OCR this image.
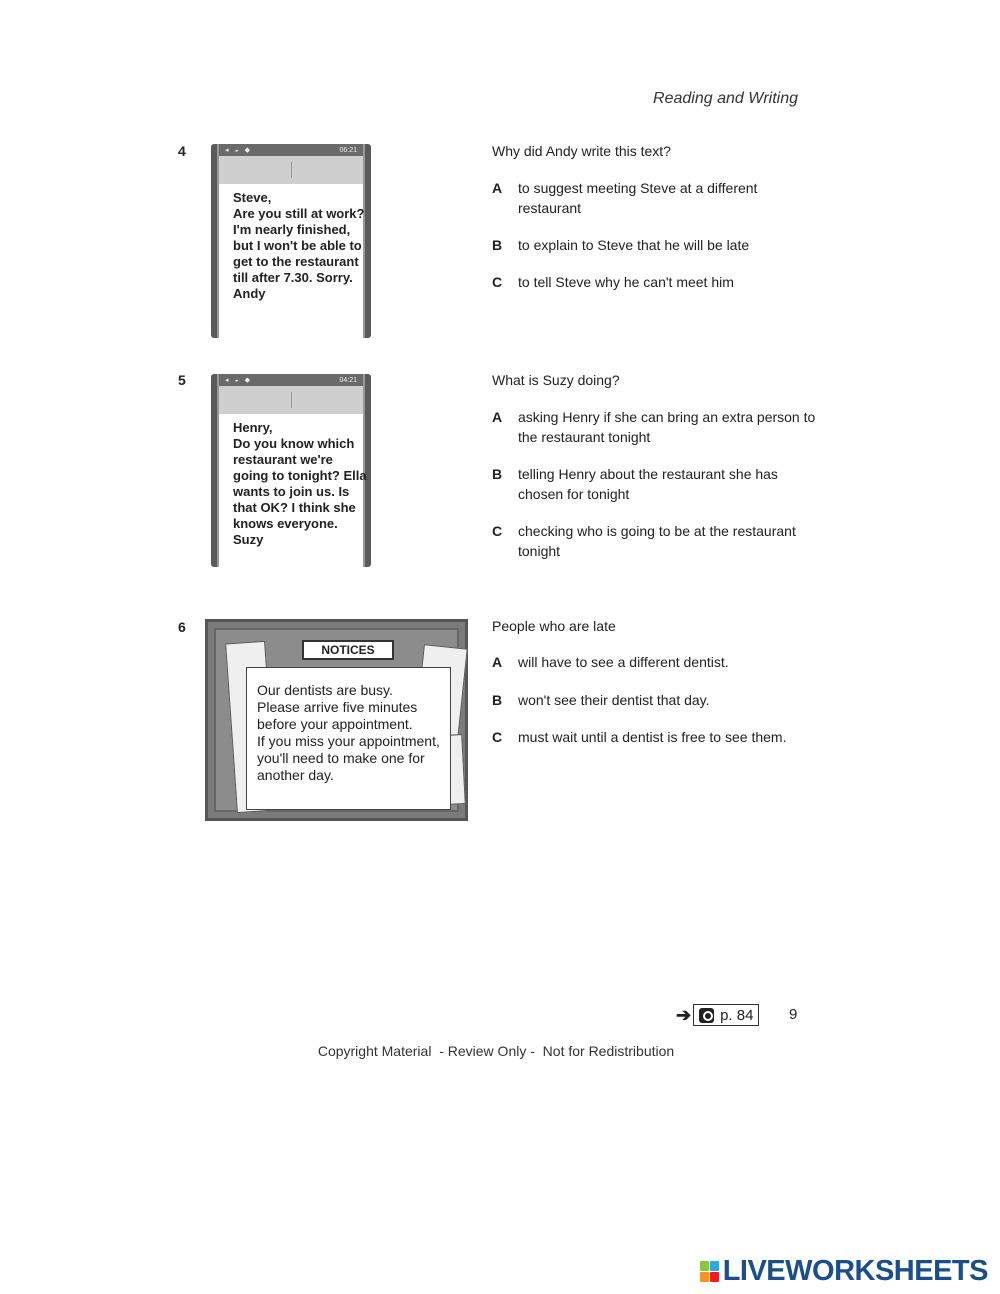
Reading and Writing
4	◂ ◒ ◆	06:21
Steve,
Are you still at work?
I'm nearly finished,
but I won't be able to
get to the restaurant
till after 7.30. Sorry.
Andy
Why did Andy write this text?
A	to suggest meeting Steve at a different restaurant
B	to explain to Steve that he will be late
C	to tell Steve why he can't meet him
5	◂ ◒ ◆	04:21
Henry,
Do you know which
restaurant we're
going to tonight? Ella
wants to join us. Is
that OK? I think she
knows everyone.
Suzy
What is Suzy doing?
A	asking Henry if she can bring an extra person to the restaurant tonight
B	telling Henry about the restaurant she has chosen for tonight
C	checking who is going to be at the restaurant tonight
6
NOTICES
Our dentists are busy.
Please arrive five minutes
before your appointment.
If you miss your appointment,
you'll need to make one for
another day.
People who are late
A	will have to see a different dentist.
B	won't see their dentist that day.
C	must wait until a dentist is free to see them.
➔ p. 84 9
Copyright Material  - Review Only -  Not for Redistribution
LIVEWORKSHEETS
